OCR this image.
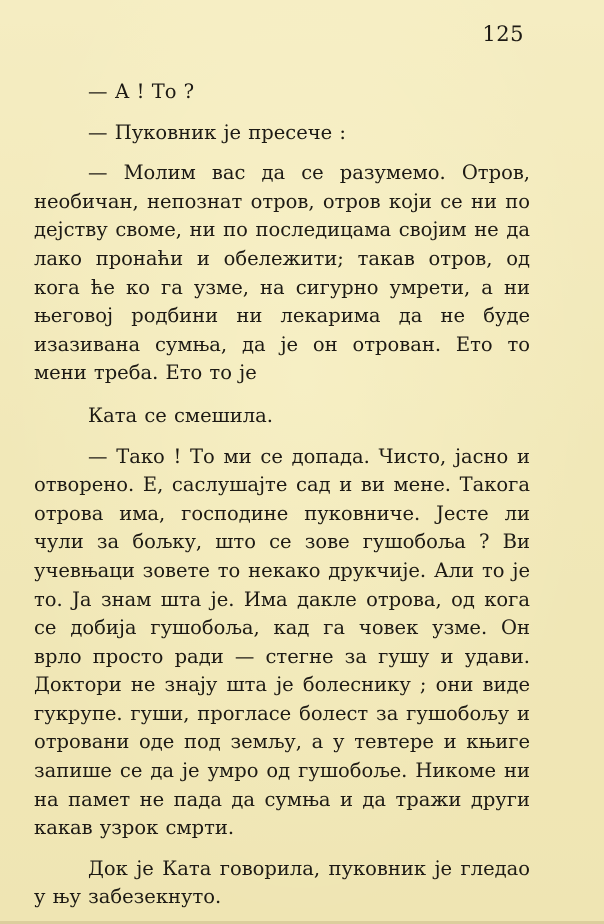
125

— А ! То ?

— Пуковник је пресече :

— Молим вас да се разумемо. Отров, необичан, непознат отров, отров који се ни по дејству своме, ни по последицама својим не да лако пронаћи и обележити; такав отров, од кога ће ко га узме, на сигурно умрети, а ни његовој родбини ни лекарима да не буде изазивана сумња, да је он отрован. Ето то мени треба. Ето то је

Ката се смешила.

— Тако ! То ми се допада. Чисто, јасно и отворено. Е, саслушајте сад и ви мене. Такога отрова има, господине пуковниче. Јесте ли чули за бољку, што се зове гушобоља ? Ви учевњаци зовете то некако друкчије. Али то је то. Ја знам шта је. Има дакле отрова, од кога се добија гушобоља, кад га човек узме. Он врло просто ради — стегне за гушу и удави. Доктори не знају шта је болеснику ; они виде гукрупе. гуши, прогласе болест за гушобољу и отровани оде под земљу, а у тевтере и књиге запише се да је умро од гушобоље. Никоме ни на памет не пада да сумња и да тражи други какав узрок смрти.

Док је Ката говорила, пуковник је гледао у њу забезекнуто.
